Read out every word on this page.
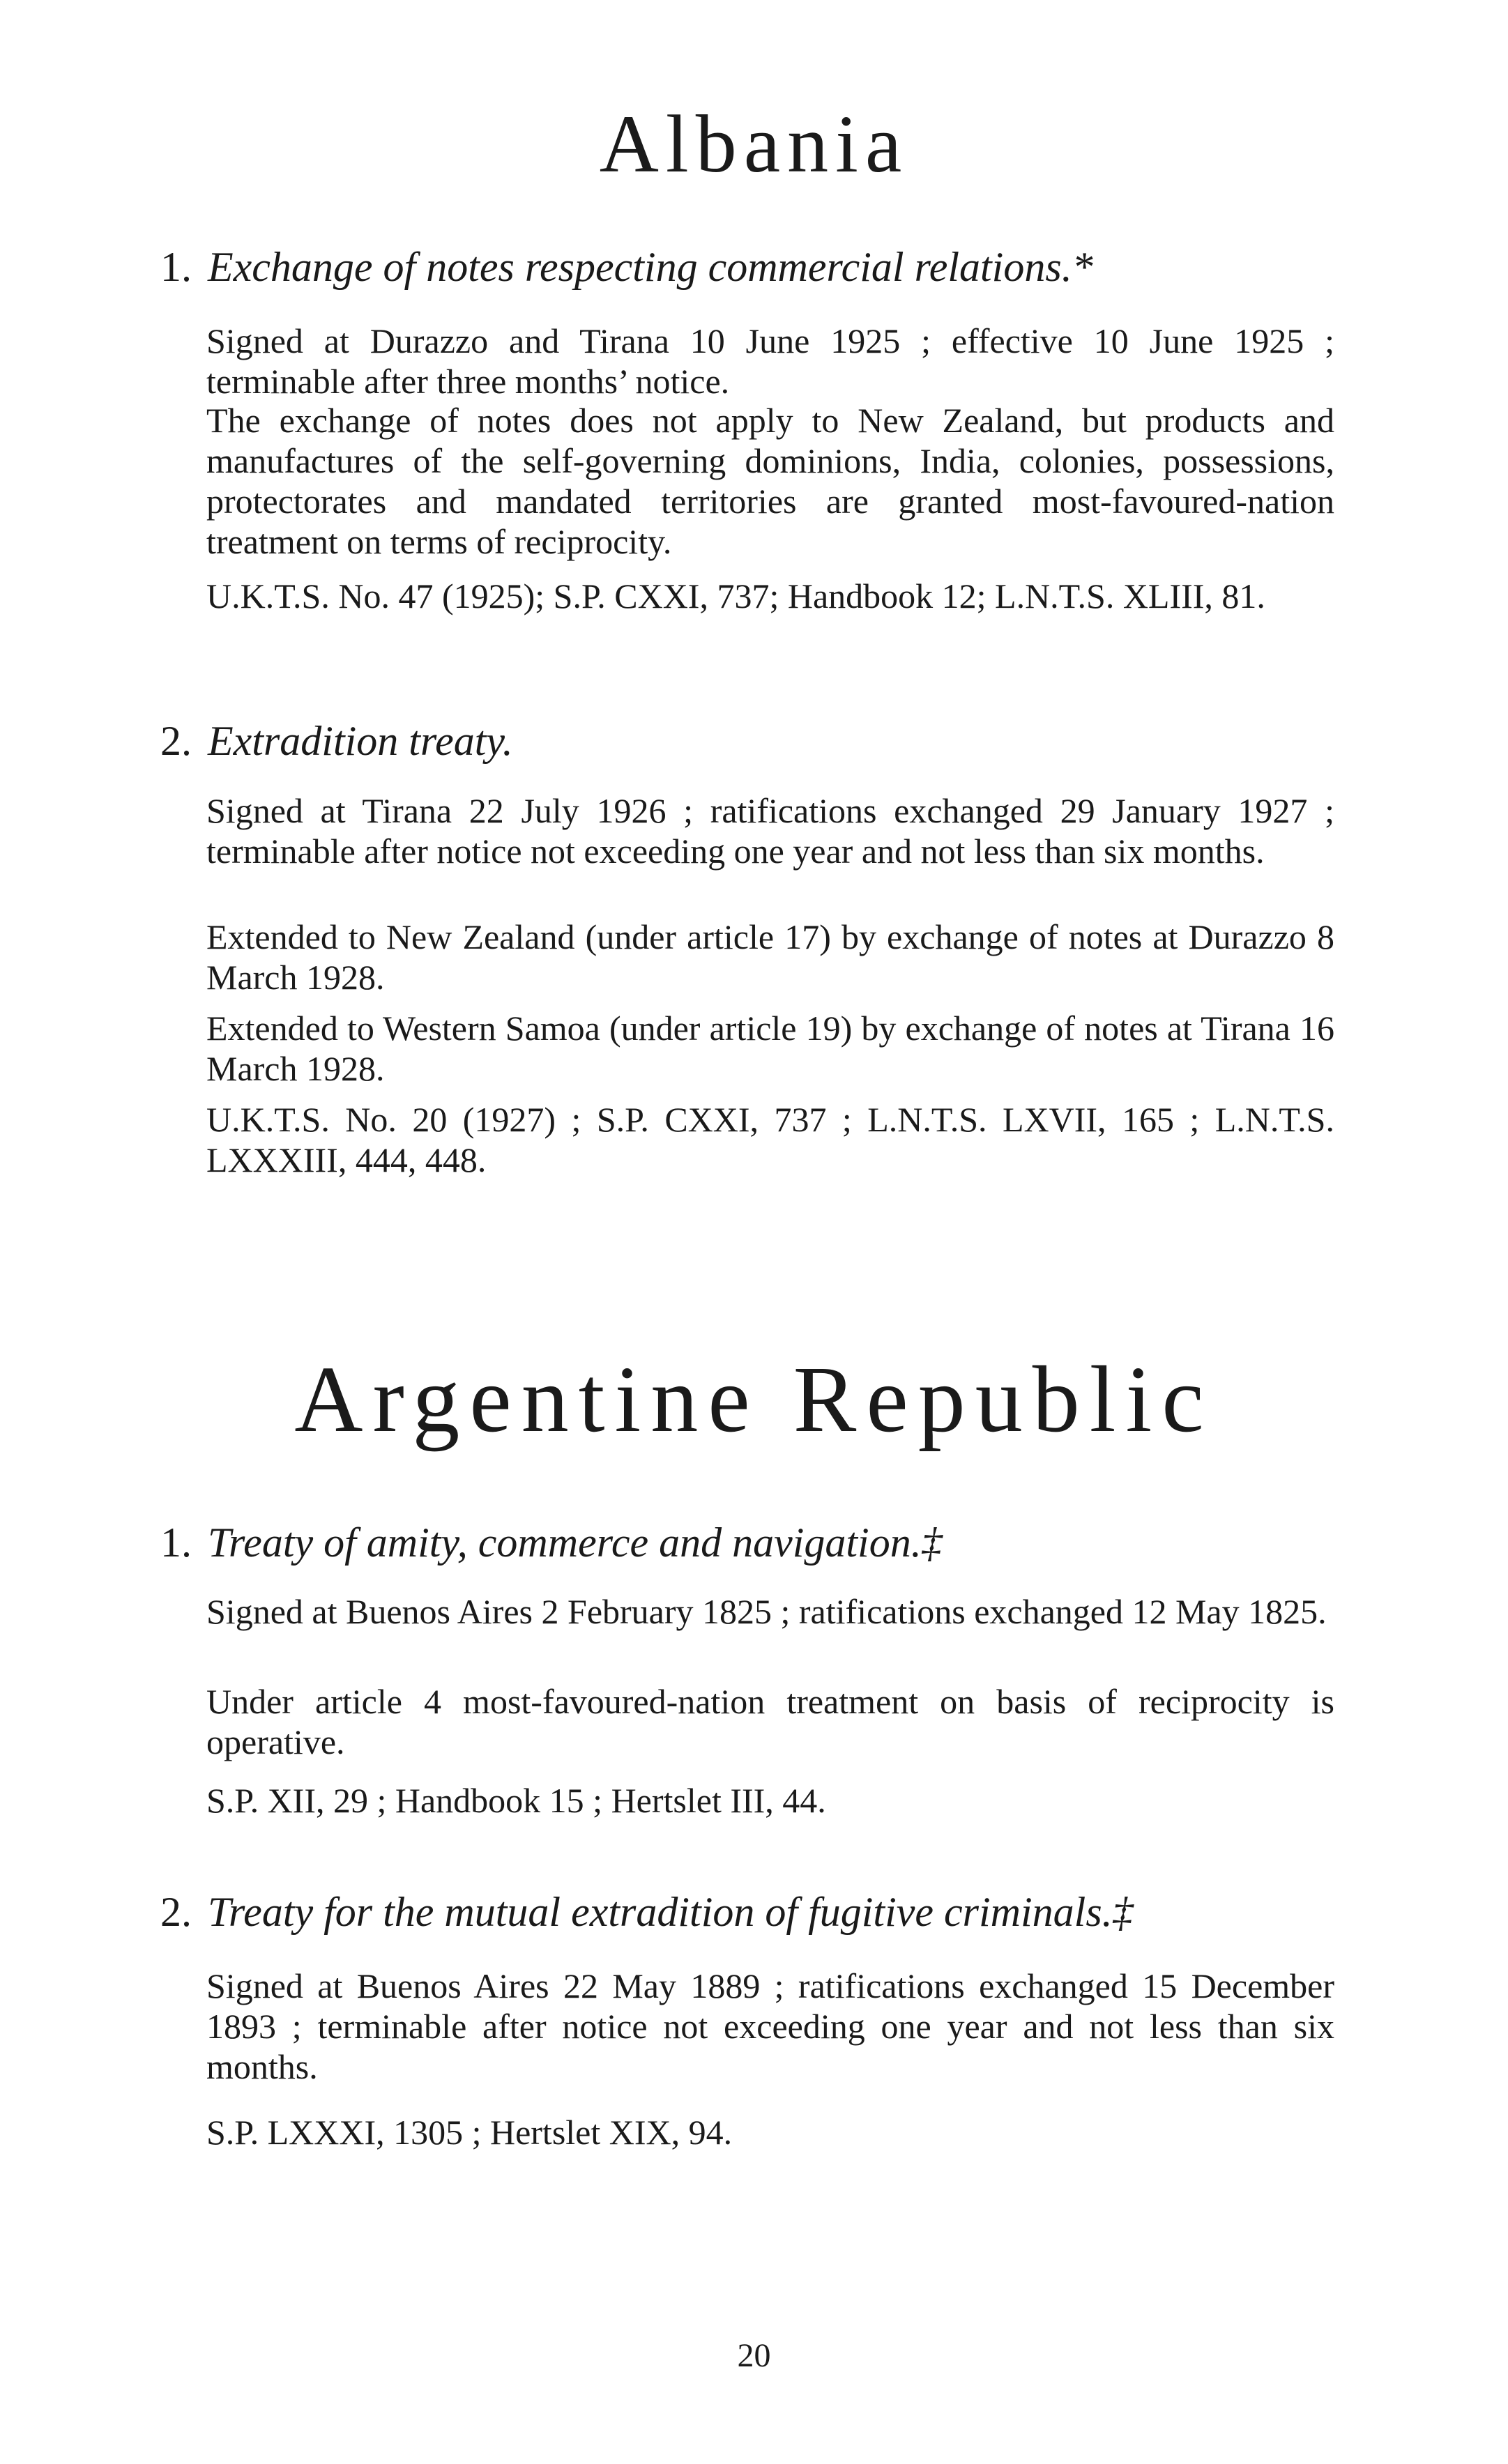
Albania
1. Exchange of notes respecting commercial relations.*

Signed at Durazzo and Tirana 10 June 1925 ; effective 10 June 1925 ; terminable after three months’ notice.

The exchange of notes does not apply to New Zealand, but products and manufactures of the self-governing dominions, India, colonies, possessions, protectorates and mandated territories are granted most-favoured-nation treatment on terms of reciprocity.

U.K.T.S. No. 47 (1925); S.P. CXXI, 737; Handbook 12; L.N.T.S. XLIII, 81.

2. Extradition treaty.

Signed at Tirana 22 July 1926 ; ratifications exchanged 29 January 1927 ; terminable after notice not exceeding one year and not less than six months.

Extended to New Zealand (under article 17) by exchange of notes at Durazzo 8 March 1928.

Extended to Western Samoa (under article 19) by exchange of notes at Tirana 16 March 1928.

U.K.T.S. No. 20 (1927) ; S.P. CXXI, 737 ; L.N.T.S. LXVII, 165 ; L.N.T.S. LXXXIII, 444, 448.

Argentine Republic
1. Treaty of amity, commerce and navigation.‡

Signed at Buenos Aires 2 February 1825 ; ratifications exchanged 12 May 1825.

Under article 4 most-favoured-nation treatment on basis of reciprocity is operative.

S.P. XII, 29 ; Handbook 15 ; Hertslet III, 44.

2. Treaty for the mutual extradition of fugitive criminals.‡

Signed at Buenos Aires 22 May 1889 ; ratifications exchanged 15 December 1893 ; terminable after notice not exceeding one year and not less than six months.

S.P. LXXXI, 1305 ; Hertslet XIX, 94.

20
